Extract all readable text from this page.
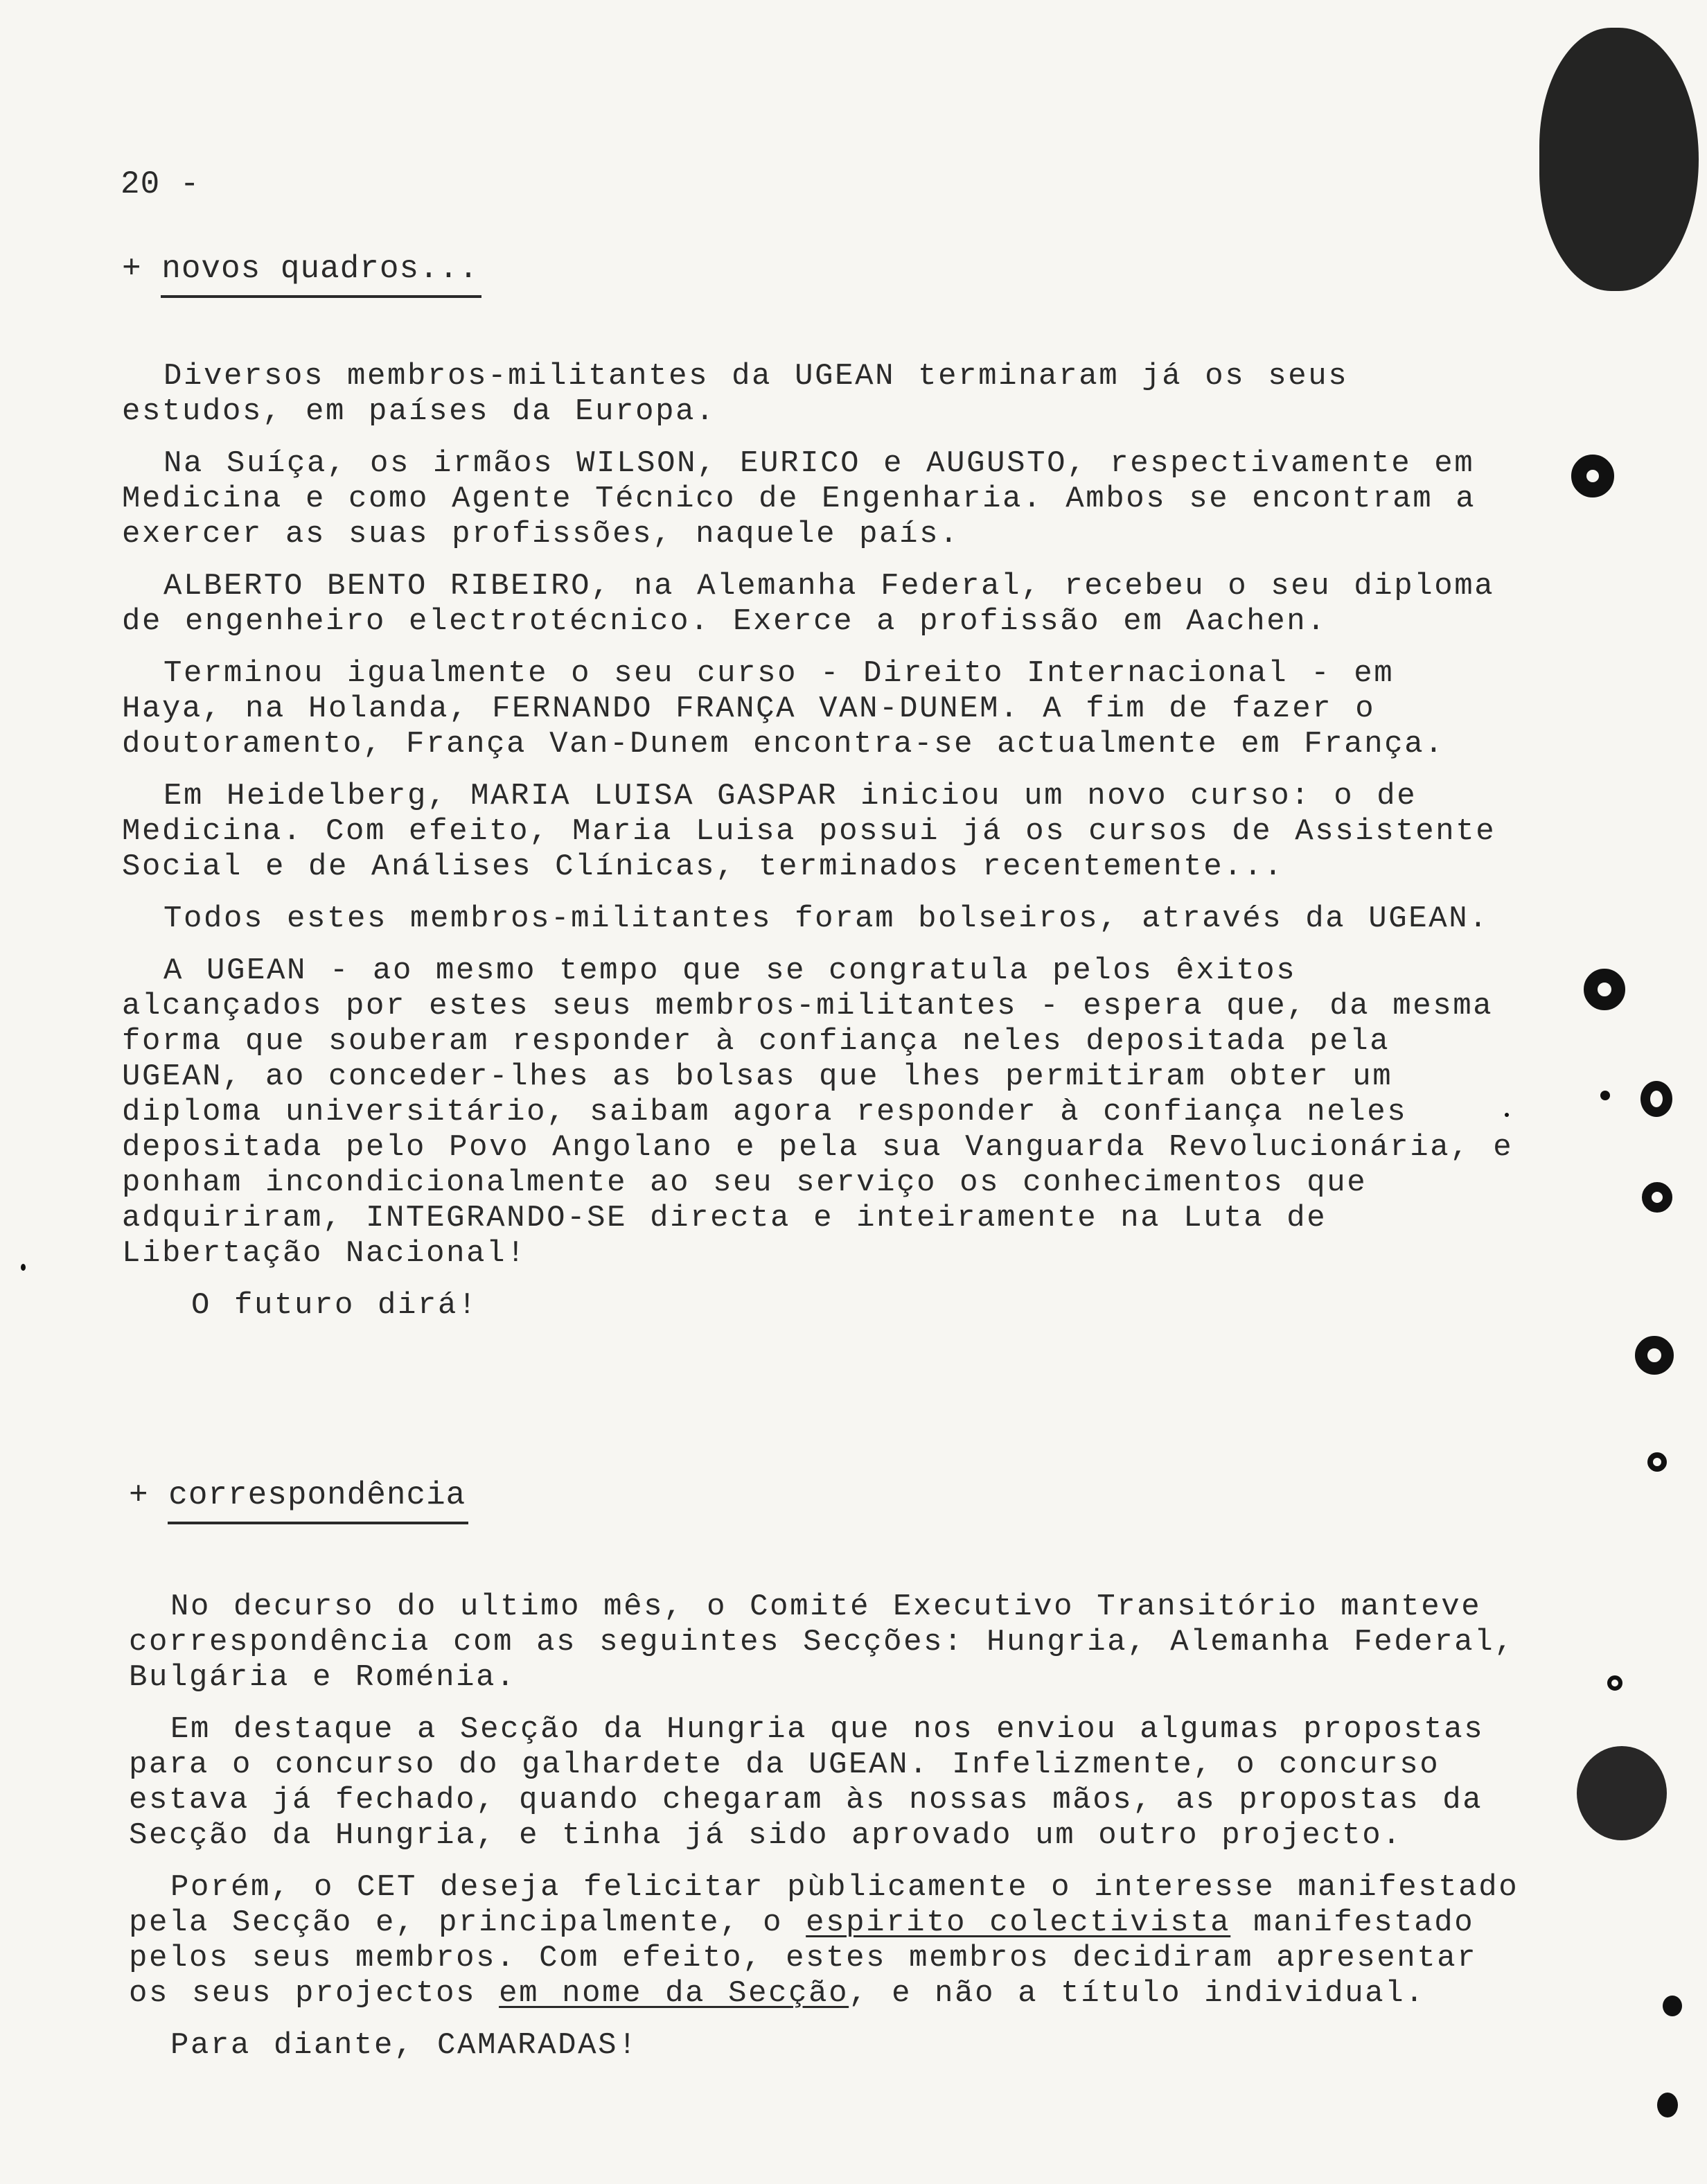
20 -
+ novos quadros...

Diversos membros-militantes da UGEAN terminaram já os seus estudos, em países da Europa.

Na Suíça, os irmãos WILSON, EURICO e AUGUSTO, respectivamente em Medicina e como Agente Técnico de Engenharia. Ambos se encontram a exercer as suas profissões, naquele país.

ALBERTO BENTO RIBEIRO, na Alemanha Federal, recebeu o seu diploma de engenheiro electrotécnico. Exerce a profissão em Aachen.

Terminou igualmente o seu curso - Direito Internacional - em Haya, na Holanda, FERNANDO FRANÇA VAN-DUNEM. A fim de fazer o doutoramento, França Van-Dunem encontra-se actualmente em França.

Em Heidelberg, MARIA LUISA GASPAR iniciou um novo curso: o de Medicina. Com efeito, Maria Luisa possui já os cursos de Assistente Social e de Análises Clínicas, terminados recentemente...

Todos estes membros-militantes foram bolseiros, através da UGEAN.

A UGEAN - ao mesmo tempo que se congratula pelos êxitos alcançados por estes seus membros-militantes - espera que, da mesma forma que souberam responder à confiança neles depositada pela UGEAN, ao conceder-lhes as bolsas que lhes permitiram obter um diploma universitário, saibam agora responder à confiança neles depositada pelo Povo Angolano e pela sua Vanguarda Revolucionária, e ponham incondicionalmente ao seu serviço os conhecimentos que adquiriram, INTEGRANDO-SE directa e inteiramente na Luta de Libertação Nacional!

O futuro dirá!

+ correspondência

No decurso do ultimo mês, o Comité Executivo Transitório manteve correspondência com as seguintes Secções: Hungria, Alemanha Federal, Bulgária e Roménia.

Em destaque a Secção da Hungria que nos enviou algumas propostas para o concurso do galhardete da UGEAN. Infelizmente, o concurso estava já fechado, quando chegaram às nossas mãos, as propostas da Secção da Hungria, e tinha já sido aprovado um outro projecto.

Porém, o CET deseja felicitar pùblicamente o interesse manifestado pela Secção e, principalmente, o espirito colectivista manifestado pelos seus membros. Com efeito, estes membros decidiram apresentar os seus projectos em nome da Secção, e não a título individual.

Para diante, CAMARADAS!
